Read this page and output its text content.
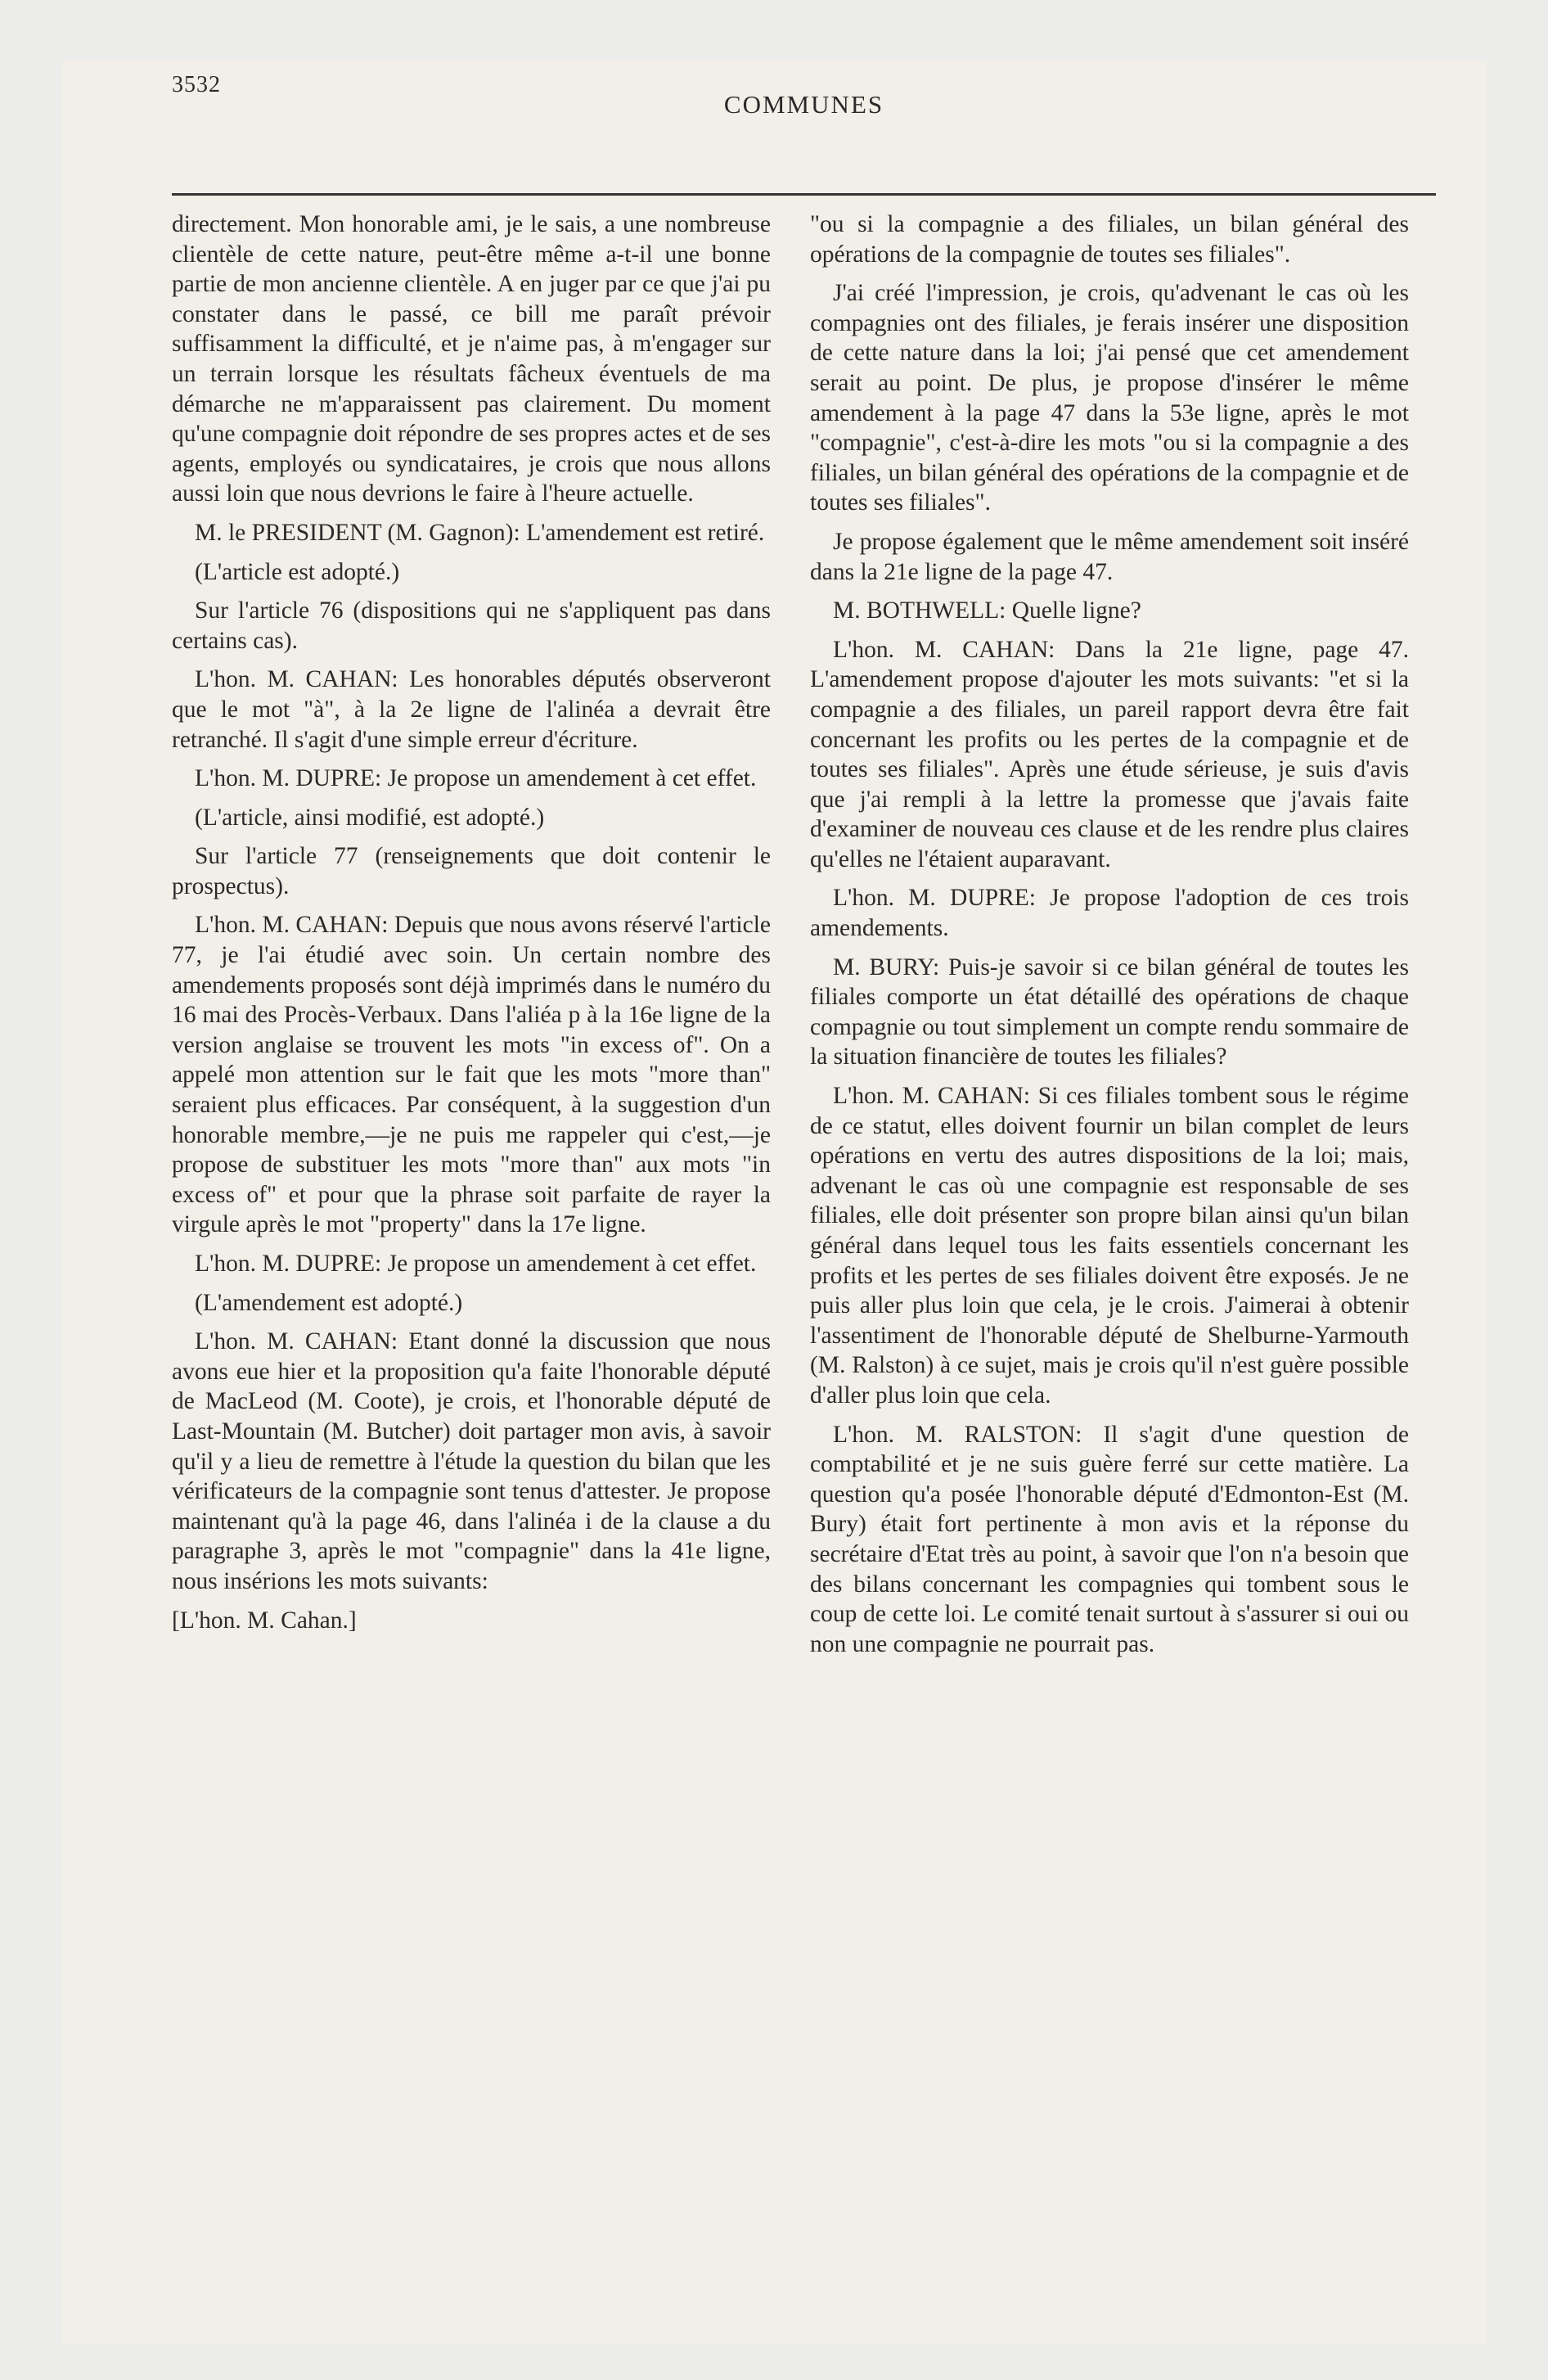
3532
COMMUNES

directement. Mon honorable ami, je le sais, a une nombreuse clientèle de cette nature, peut-être même a-t-il une bonne partie de mon ancienne clientèle. A en juger par ce que j'ai pu constater dans le passé, ce bill me paraît prévoir suffisamment la difficulté, et je n'aime pas, à m'engager sur un terrain lorsque les résultats fâcheux éventuels de ma démarche ne m'apparaissent pas clairement. Du moment qu'une compagnie doit répondre de ses propres actes et de ses agents, employés ou syndicataires, je crois que nous allons aussi loin que nous devrions le faire à l'heure actuelle.

M. le PRESIDENT (M. Gagnon): L'amendement est retiré.

(L'article est adopté.)

Sur l'article 76 (dispositions qui ne s'appliquent pas dans certains cas).

L'hon. M. CAHAN: Les honorables députés observeront que le mot "à", à la 2e ligne de l'alinéa a devrait être retranché. Il s'agit d'une simple erreur d'écriture.

L'hon. M. DUPRE: Je propose un amendement à cet effet.

(L'article, ainsi modifié, est adopté.)

Sur l'article 77 (renseignements que doit contenir le prospectus).

L'hon. M. CAHAN: Depuis que nous avons réservé l'article 77, je l'ai étudié avec soin. Un certain nombre des amendements proposés sont déjà imprimés dans le numéro du 16 mai des Procès-Verbaux. Dans l'aliéa p à la 16e ligne de la version anglaise se trouvent les mots "in excess of". On a appelé mon attention sur le fait que les mots "more than" seraient plus efficaces. Par conséquent, à la suggestion d'un honorable membre,—je ne puis me rappeler qui c'est,—je propose de substituer les mots "more than" aux mots "in excess of" et pour que la phrase soit parfaite de rayer la virgule après le mot "property" dans la 17e ligne.

L'hon. M. DUPRE: Je propose un amendement à cet effet.

(L'amendement est adopté.)

L'hon. M. CAHAN: Etant donné la discussion que nous avons eue hier et la proposition qu'a faite l'honorable député de MacLeod (M. Coote), je crois, et l'honorable député de Last-Mountain (M. Butcher) doit partager mon avis, à savoir qu'il y a lieu de remettre à l'étude la question du bilan que les vérificateurs de la compagnie sont tenus d'attester. Je propose maintenant qu'à la page 46, dans l'alinéa i de la clause a du paragraphe 3, après le mot "compagnie" dans la 41e ligne, nous insérions les mots suivants:

[L'hon. M. Cahan.]

"ou si la compagnie a des filiales, un bilan général des opérations de la compagnie de toutes ses filiales".

J'ai créé l'impression, je crois, qu'advenant le cas où les compagnies ont des filiales, je ferais insérer une disposition de cette nature dans la loi; j'ai pensé que cet amendement serait au point. De plus, je propose d'insérer le même amendement à la page 47 dans la 53e ligne, après le mot "compagnie", c'est-à-dire les mots "ou si la compagnie a des filiales, un bilan général des opérations de la compagnie et de toutes ses filiales".

Je propose également que le même amendement soit inséré dans la 21e ligne de la page 47.

M. BOTHWELL: Quelle ligne?

L'hon. M. CAHAN: Dans la 21e ligne, page 47. L'amendement propose d'ajouter les mots suivants: "et si la compagnie a des filiales, un pareil rapport devra être fait concernant les profits ou les pertes de la compagnie et de toutes ses filiales". Après une étude sérieuse, je suis d'avis que j'ai rempli à la lettre la promesse que j'avais faite d'examiner de nouveau ces clause et de les rendre plus claires qu'elles ne l'étaient auparavant.

L'hon. M. DUPRE: Je propose l'adoption de ces trois amendements.

M. BURY: Puis-je savoir si ce bilan général de toutes les filiales comporte un état détaillé des opérations de chaque compagnie ou tout simplement un compte rendu sommaire de la situation financière de toutes les filiales?

L'hon. M. CAHAN: Si ces filiales tombent sous le régime de ce statut, elles doivent fournir un bilan complet de leurs opérations en vertu des autres dispositions de la loi; mais, advenant le cas où une compagnie est responsable de ses filiales, elle doit présenter son propre bilan ainsi qu'un bilan général dans lequel tous les faits essentiels concernant les profits et les pertes de ses filiales doivent être exposés. Je ne puis aller plus loin que cela, je le crois. J'aimerai à obtenir l'assentiment de l'honorable député de Shelburne-Yarmouth (M. Ralston) à ce sujet, mais je crois qu'il n'est guère possible d'aller plus loin que cela.

L'hon. M. RALSTON: Il s'agit d'une question de comptabilité et je ne suis guère ferré sur cette matière. La question qu'a posée l'honorable député d'Edmonton-Est (M. Bury) était fort pertinente à mon avis et la réponse du secrétaire d'Etat très au point, à savoir que l'on n'a besoin que des bilans concernant les compagnies qui tombent sous le coup de cette loi. Le comité tenait surtout à s'assurer si oui ou non une compagnie ne pourrait pas.
